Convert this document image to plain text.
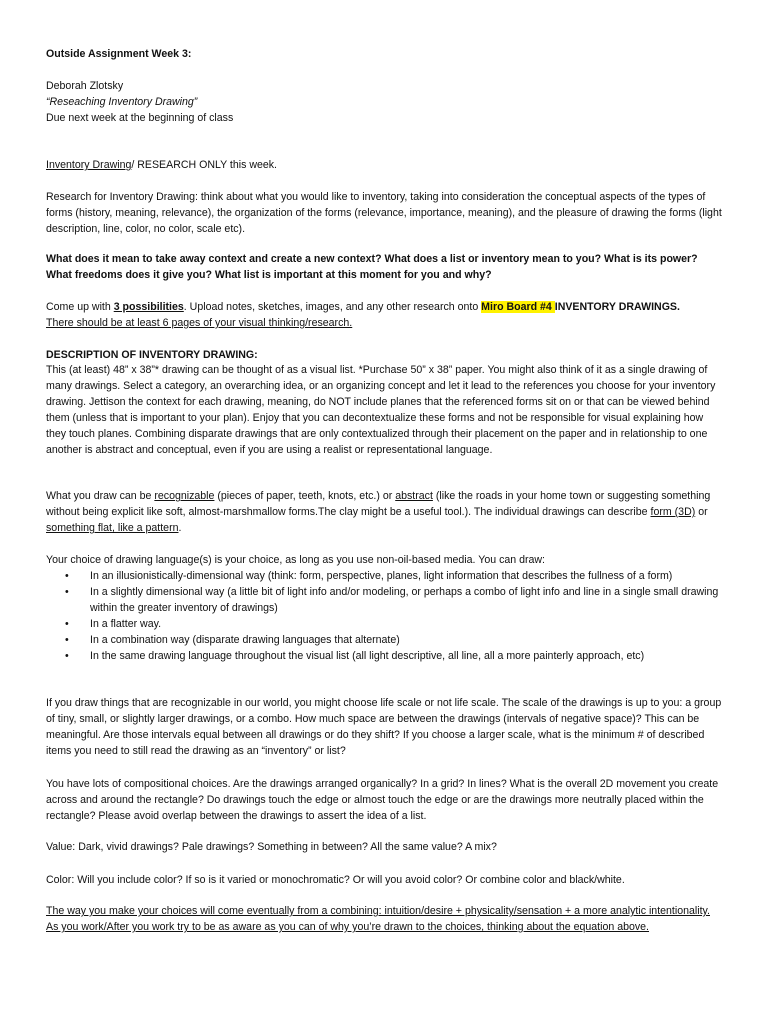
Outside Assignment Week 3:

Deborah Zlotsky

“Reseaching Inventory Drawing”

Due next week at the beginning of class

Inventory Drawing/ RESEARCH ONLY this week.

Research for Inventory Drawing: think about what you would like to inventory, taking into consideration the conceptual aspects of the types of forms (history, meaning, relevance), the organization of the forms (relevance, importance, meaning), and the pleasure of drawing the forms (light description, line, color, no color, scale etc).

What does it mean to take away context and create a new context? What does a list or inventory mean to you? What is its power? What freedoms does it give you? What list is important at this moment for you and why?

Come up with 3 possibilities. Upload notes, sketches, images, and any other research onto Miro Board #4 INVENTORY DRAWINGS.
There should be at least 6 pages of your visual thinking/research.

DESCRIPTION OF INVENTORY DRAWING:

This (at least) 48” x 38”* drawing can be thought of as a visual list. *Purchase 50” x 38” paper. You might also think of it as a single drawing of many drawings. Select a category, an overarching idea, or an organizing concept and let it lead to the references you choose for your inventory drawing. Jettison the context for each drawing, meaning, do NOT include planes that the referenced forms sit on or that can be viewed behind them (unless that is important to your plan). Enjoy that you can decontextualize these forms and not be responsible for visual explaining how they touch planes. Combining disparate drawings that are only contextualized through their placement on the paper and in relationship to one another is abstract and conceptual, even if you are using a realist or representational language.

What you draw can be recognizable (pieces of paper, teeth, knots, etc.) or abstract (like the roads in your home town or suggesting something without being explicit like soft, almost-marshmallow forms.The clay might be a useful tool.). The individual drawings can describe form (3D) or something flat, like a pattern.

Your choice of drawing language(s) is your choice, as long as you use non-oil-based media. You can draw:

• In an illusionistically-dimensional way (think: form, perspective, planes, light information that describes the fullness of a form)
• In a slightly dimensional way (a little bit of light info and/or modeling, or perhaps a combo of light info and line in a single small drawing within the greater inventory of drawings)
• In a flatter way.
• In a combination way (disparate drawing languages that alternate)
• In the same drawing language throughout the visual list (all light descriptive, all line, all a more painterly approach, etc)

If you draw things that are recognizable in our world, you might choose life scale or not life scale. The scale of the drawings is up to you: a group of tiny, small, or slightly larger drawings, or a combo. How much space are between the drawings (intervals of negative space)? This can be meaningful. Are those intervals equal between all drawings or do they shift? If you choose a larger scale, what is the minimum # of described items you need to still read the drawing as an “inventory” or list?

You have lots of compositional choices. Are the drawings arranged organically? In a grid? In lines? What is the overall 2D movement you create across and around the rectangle? Do drawings touch the edge or almost touch the edge or are the drawings more neutrally placed within the rectangle? Please avoid overlap between the drawings to assert the idea of a list.

Value: Dark, vivid drawings? Pale drawings? Something in between? All the same value? A mix?

Color: Will you include color? If so is it varied or monochromatic? Or will you avoid color? Or combine color and black/white.

The way you make your choices will come eventually from a combining: intuition/desire + physicality/sensation + a more analytic intentionality. As you work/After you work try to be as aware as you can of why you’re drawn to the choices, thinking about the equation above.
